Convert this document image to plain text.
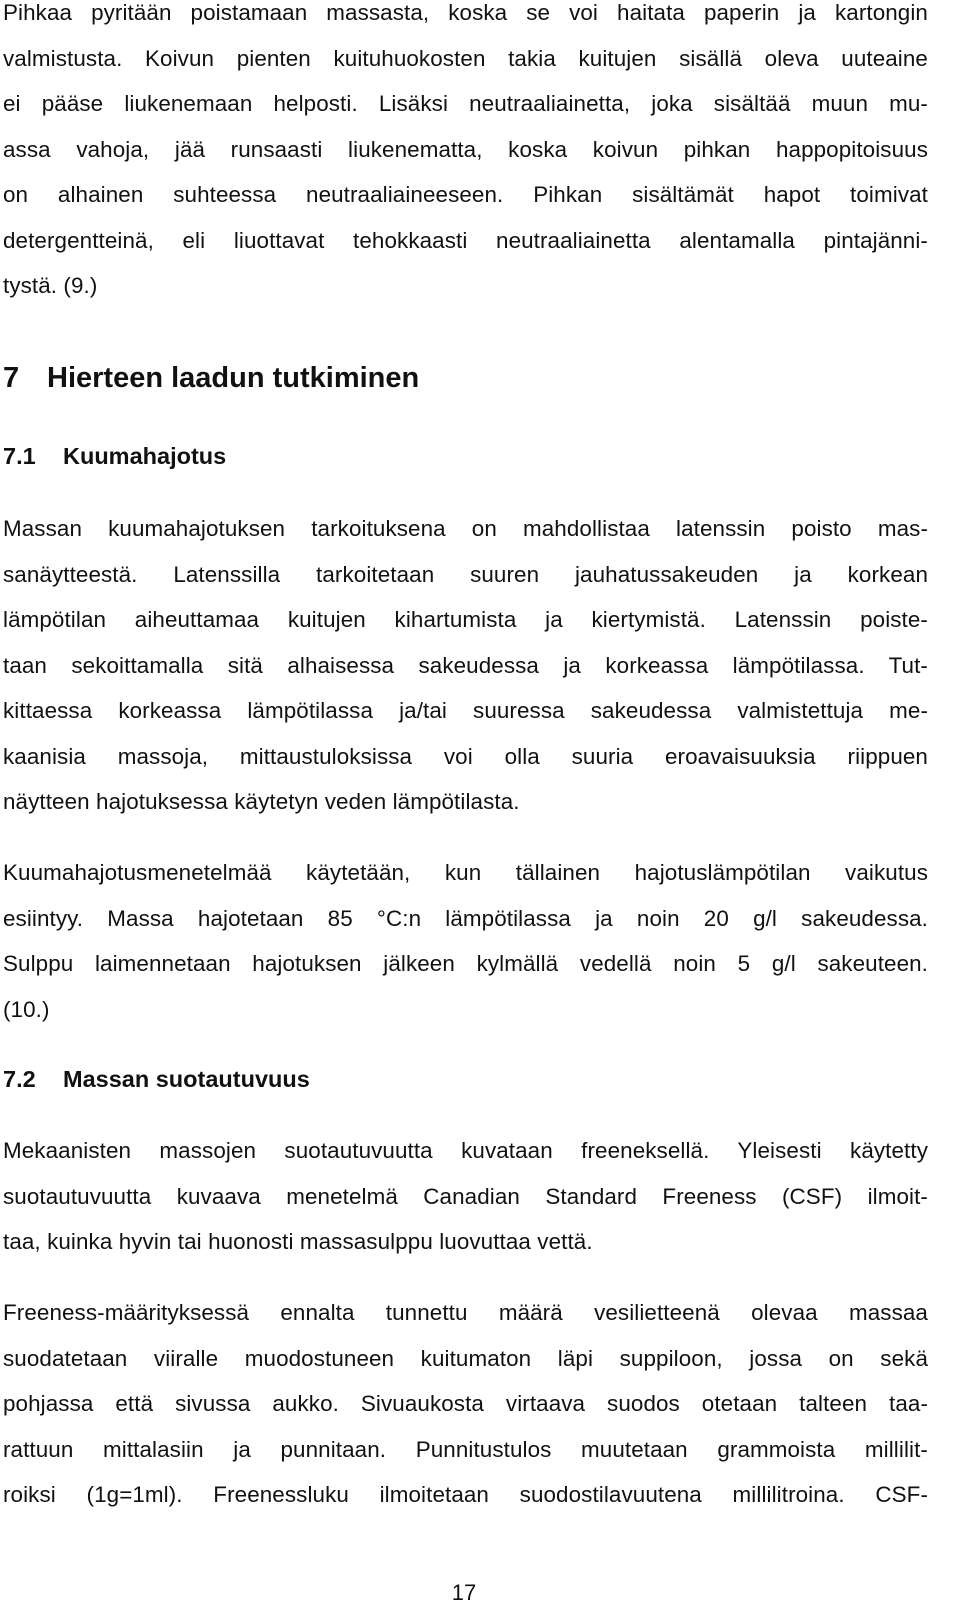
Pihkaa pyritään poistamaan massasta, koska se voi haitata paperin ja kartongin
valmistusta. Koivun pienten kuituhuokosten takia kuitujen sisällä oleva uuteaine
ei pääse liukenemaan helposti. Lisäksi neutraaliainetta, joka sisältää muun mu-
assa vahoja, jää runsaasti liukenematta, koska koivun pihkan happopitoisuus
on alhainen suhteessa neutraaliaineeseen. Pihkan sisältämät hapot toimivat
detergentteinä, eli liuottavat tehokkaasti neutraaliainetta alentamalla pintajänni-
tystä. (9.)
7 Hierteen laadun tutkiminen
7.1 Kuumahajotus
Massan kuumahajotuksen tarkoituksena on mahdollistaa latenssin poisto mas-
sanäytteestä. Latenssilla tarkoitetaan suuren jauhatussakeuden ja korkean
lämpötilan aiheuttamaa kuitujen kihartumista ja kiertymistä. Latenssin poiste-
taan sekoittamalla sitä alhaisessa sakeudessa ja korkeassa lämpötilassa. Tut-
kittaessa korkeassa lämpötilassa ja/tai suuressa sakeudessa valmistettuja me-
kaanisia massoja, mittaustuloksissa voi olla suuria eroavaisuuksia riippuen
näytteen hajotuksessa käytetyn veden lämpötilasta.
Kuumahajotusmenetelmää käytetään, kun tällainen hajotuslämpötilan vaikutus
esiintyy. Massa hajotetaan 85 °C:n lämpötilassa ja noin 20 g/l sakeudessa.
Sulppu laimennetaan hajotuksen jälkeen kylmällä vedellä noin 5 g/l sakeuteen.
(10.)
7.2 Massan suotautuvuus
Mekaanisten massojen suotautuvuutta kuvataan freeneksellä. Yleisesti käytetty
suotautuvuutta kuvaava menetelmä Canadian Standard Freeness (CSF) ilmoit-
taa, kuinka hyvin tai huonosti massasulppu luovuttaa vettä.
Freeness-määrityksessä ennalta tunnettu määrä vesilietteenä olevaa massaa
suodatetaan viiralle muodostuneen kuitumaton läpi suppiloon, jossa on sekä
pohjassa että sivussa aukko. Sivuaukosta virtaava suodos otetaan talteen taa-
rattuun mittalasiin ja punnitaan. Punnitustulos muutetaan grammoista millilit-
roiksi (1g=1ml). Freenessluku ilmoitetaan suodostilavuutena millilitroina. CSF-
17
